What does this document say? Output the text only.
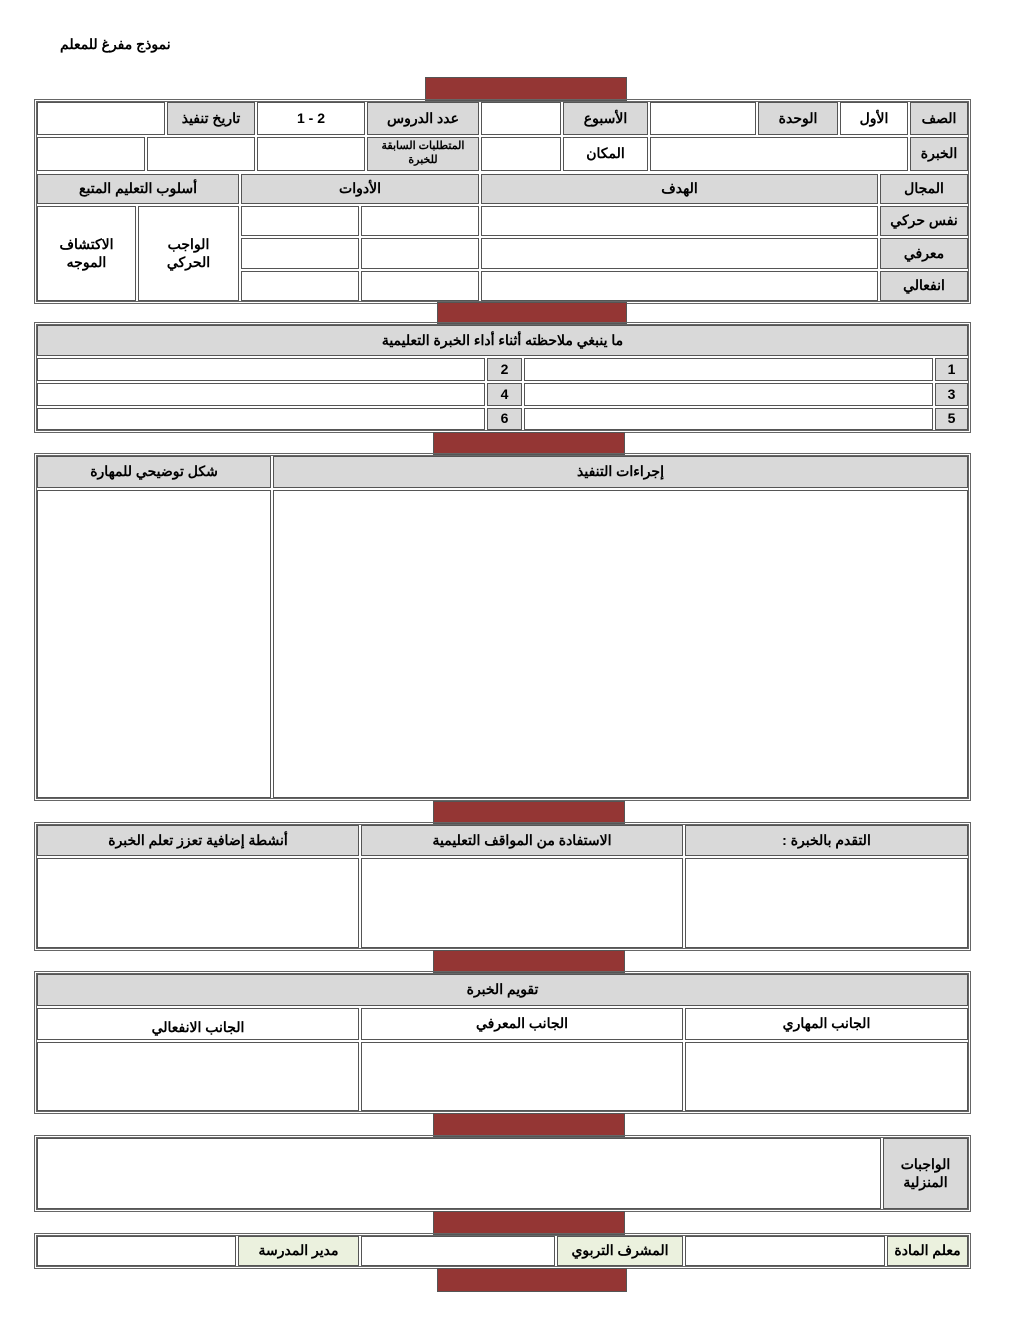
نموذج مفرغ للمعلم
الصف
الأول
الوحدة
الأسبوع
عدد الدروس
1 - 2
تاريخ تنفيذ
الخبرة
المكان
المتطلبات السابقة للخبرة
المجال
الهدف
الأدوات
أسلوب التعليم المتبع
نفس حركي
معرفي
انفعالي
الواجب الحركي
الاكتشاف الموجه
ما ينبغي ملاحظته أثناء أداء الخبرة التعليمية
1
2
3
4
5
6
إجراءات التنفيذ
شكل توضيحي للمهارة
التقدم بالخبرة :
الاستفادة من المواقف التعليمية
أنشطة إضافية تعزز تعلم الخبرة
تقويم الخبرة
الجانب المهاري
الجانب المعرفي
الجانب الانفعالي
الواجبات المنزلية
معلم المادة
المشرف التربوي
مدير المدرسة
